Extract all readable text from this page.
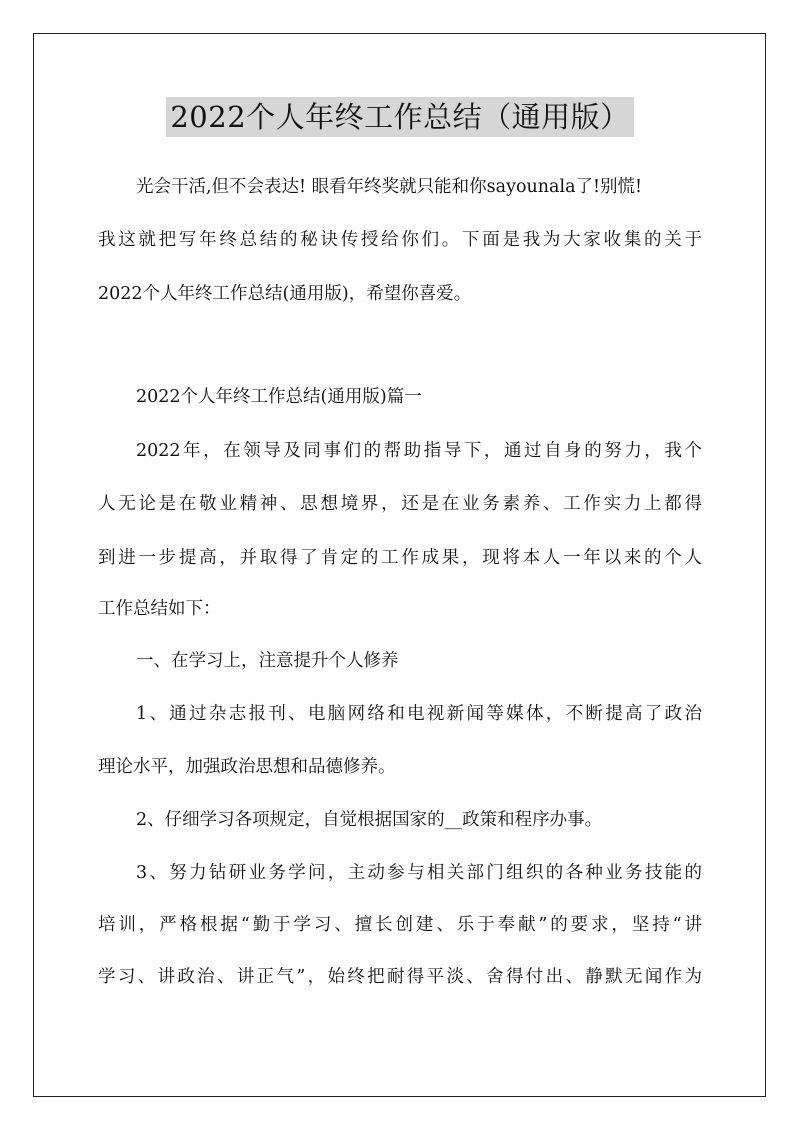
2022个人年终工作总结（通用版）
光会干活,但不会表达! 眼看年终奖就只能和你sayounala了!别慌!
我这就把写年终总结的秘诀传授给你们。下面是我为大家收集的关于
2022个人年终工作总结(通用版)，希望你喜爱。
2022个人年终工作总结(通用版)篇一
2022年，在领导及同事们的帮助指导下，通过自身的努力，我个
人无论是在敬业精神、思想境界，还是在业务素养、工作实力上都得
到进一步提高，并取得了肯定的工作成果，现将本人一年以来的个人
工作总结如下：
一、在学习上，注意提升个人修养
1、通过杂志报刊、电脑网络和电视新闻等媒体，不断提高了政治
理论水平，加强政治思想和品德修养。
2、仔细学习各项规定，自觉根据国家的__政策和程序办事。
3、努力钻研业务学问，主动参与相关部门组织的各种业务技能的
培训，严格根据“勤于学习、擅长创建、乐于奉献”的要求，坚持“讲
学习、讲政治、讲正气”，始终把耐得平淡、舍得付出、静默无闻作为
